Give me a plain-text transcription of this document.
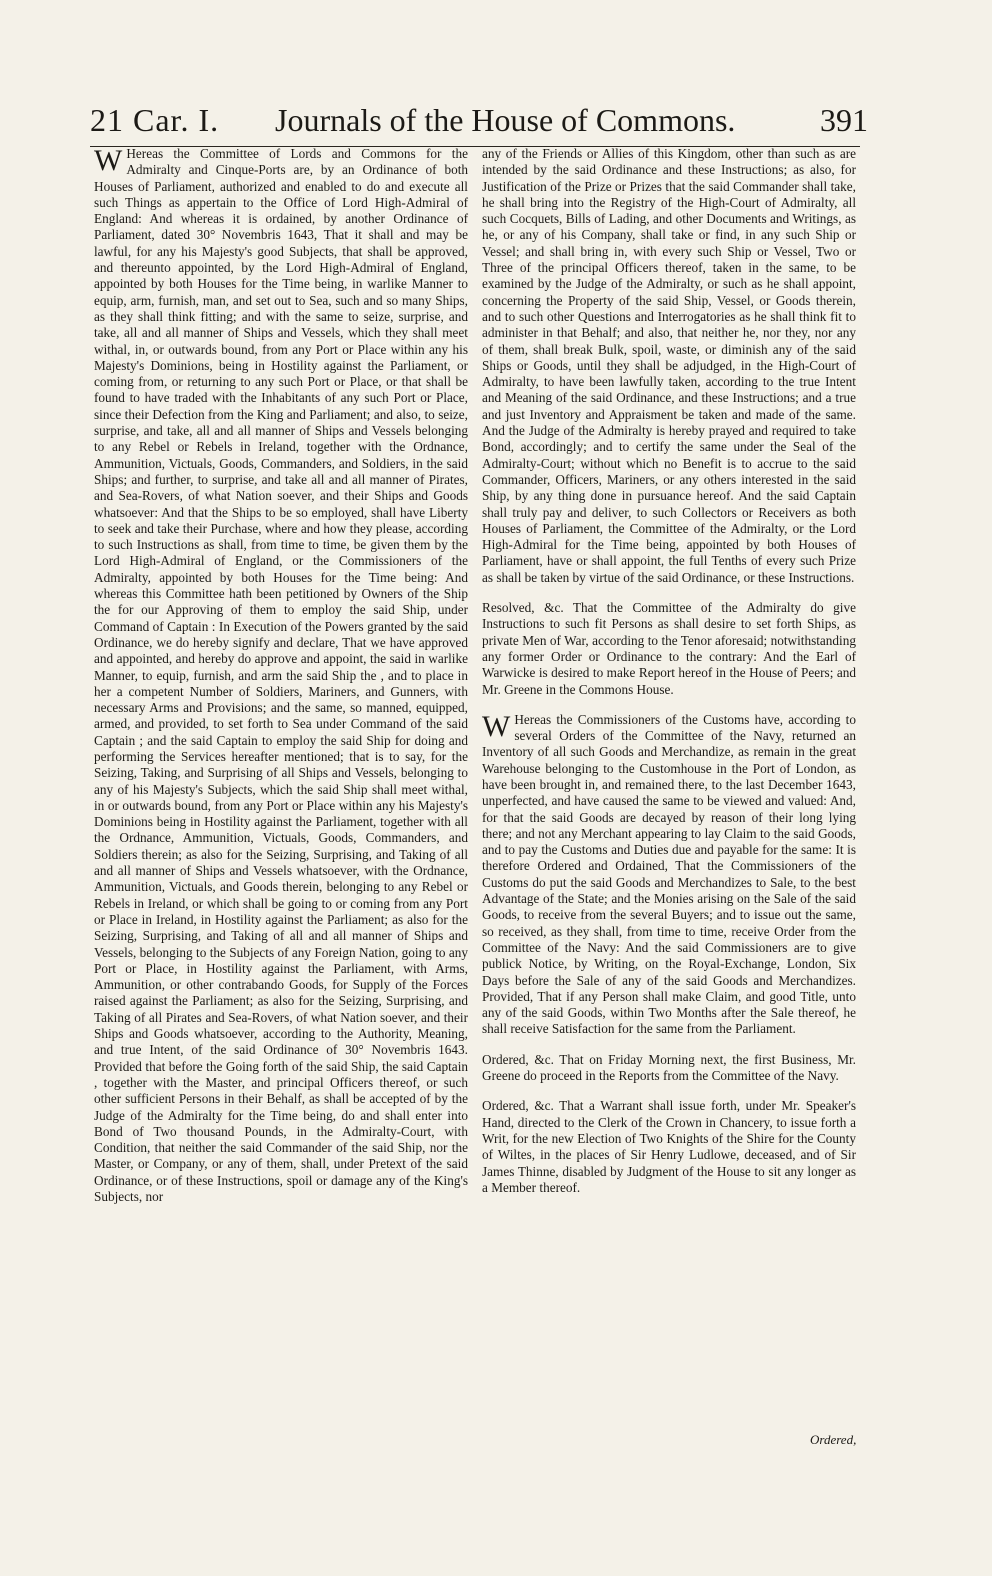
21 Car. I. Journals of the House of Commons.	391

W Hereas the Committee of Lords and Commons for the Admiralty and Cinque-Ports are, by an Ordinance of both Houses of Parliament, authorized and enabled to do and execute all such Things as appertain to the Office of Lord High-Admiral of England: And whereas it is ordained, by another Ordinance of Parliament, dated 30° Novembris 1643, That it shall and may be lawful, for any his Majesty's good Subjects, that shall be approved, and thereunto appointed, by the Lord High-Admiral of England, appointed by both Houses for the Time being, in warlike Manner to equip, arm, furnish, man, and set out to Sea, such and so many Ships, as they shall think fitting; and with the same to seize, surprise, and take, all and all manner of Ships and Vessels, which they shall meet withal, in, or outwards bound, from any Port or Place within any his Majesty's Dominions, being in Hostility against the Parliament, or coming from, or returning to any such Port or Place, or that shall be found to have traded with the Inhabitants of any such Port or Place, since their Defection from the King and Parliament; and also, to seize, surprise, and take, all and all manner of Ships and Vessels belonging to any Rebel or Rebels in Ireland, together with the Ordnance, Ammunition, Victuals, Goods, Commanders, and Soldiers, in the said Ships; and further, to surprise, and take all and all manner of Pirates, and Sea-Rovers, of what Nation soever, and their Ships and Goods whatsoever: And that the Ships to be so employed, shall have Liberty to seek and take their Purchase, where and how they please, according to such Instructions as shall, from time to time, be given them by the Lord High-Admiral of England, or the Commissioners of the Admiralty, appointed by both Houses for the Time being: And whereas this Committee hath been petitioned by Owners of the Ship the for our Approving of them to employ the said Ship, under Command of Captain : In Execution of the Powers granted by the said Ordinance, we do hereby signify and declare, That we have approved and appointed, and hereby do approve and appoint, the said in warlike Manner, to equip, furnish, and arm the said Ship the , and to place in her a competent Number of Soldiers, Mariners, and Gunners, with necessary Arms and Provisions; and the same, so manned, equipped, armed, and provided, to set forth to Sea under Command of the said Captain ; and the said Captain to employ the said Ship for doing and performing the Services hereafter mentioned; that is to say, for the Seizing, Taking, and Surprising of all Ships and Vessels, belonging to any of his Majesty's Subjects, which the said Ship shall meet withal, in or outwards bound, from any Port or Place within any his Majesty's Dominions being in Hostility against the Parliament, together with all the Ordnance, Ammunition, Victuals, Goods, Commanders, and Soldiers therein; as also for the Seizing, Surprising, and Taking of all and all manner of Ships and Vessels whatsoever, with the Ordnance, Ammunition, Victuals, and Goods therein, belonging to any Rebel or Rebels in Ireland, or which shall be going to or coming from any Port or Place in Ireland, in Hostility against the Parliament; as also for the Seizing, Surprising, and Taking of all and all manner of Ships and Vessels, belonging to the Subjects of any Foreign Nation, going to any Port or Place, in Hostility against the Parliament, with Arms, Ammunition, or other contrabando Goods, for Supply of the Forces raised against the Parliament; as also for the Seizing, Surprising, and Taking of all Pirates and Sea-Rovers, of what Nation soever, and their Ships and Goods whatsoever, according to the Authority, Meaning, and true Intent, of the said Ordinance of 30° Novembris 1643. Provided that before the Going forth of the said Ship, the said Captain , together with the Master, and principal Officers thereof, or such other sufficient Persons in their Behalf, as shall be accepted of by the Judge of the Admiralty for the Time being, do and shall enter into Bond of Two thousand Pounds, in the Admiralty-Court, with Condition, that neither the said Commander of the said Ship, nor the Master, or Company, or any of them, shall, under Pretext of the said Ordinance, or of these Instructions, spoil or damage any of the King's Subjects, nor

any of the Friends or Allies of this Kingdom, other than such as are intended by the said Ordinance and these Instructions; as also, for Justification of the Prize or Prizes that the said Commander shall take, he shall bring into the Registry of the High-Court of Admiralty, all such Cocquets, Bills of Lading, and other Documents and Writings, as he, or any of his Company, shall take or find, in any such Ship or Vessel; and shall bring in, with every such Ship or Vessel, Two or Three of the principal Officers thereof, taken in the same, to be examined by the Judge of the Admiralty, or such as he shall appoint, concerning the Property of the said Ship, Vessel, or Goods therein, and to such other Questions and Interrogatories as he shall think fit to administer in that Behalf; and also, that neither he, nor they, nor any of them, shall break Bulk, spoil, waste, or diminish any of the said Ships or Goods, until they shall be adjudged, in the High-Court of Admiralty, to have been lawfully taken, according to the true Intent and Meaning of the said Ordinance, and these Instructions; and a true and just Inventory and Appraisment be taken and made of the same. And the Judge of the Admiralty is hereby prayed and required to take Bond, accordingly; and to certify the same under the Seal of the Admiralty-Court; without which no Benefit is to accrue to the said Commander, Officers, Mariners, or any others interested in the said Ship, by any thing done in pursuance hereof. And the said Captain shall truly pay and deliver, to such Collectors or Receivers as both Houses of Parliament, the Committee of the Admiralty, or the Lord High-Admiral for the Time being, appointed by both Houses of Parliament, have or shall appoint, the full Tenths of every such Prize as shall be taken by virtue of the said Ordinance, or these Instructions.

Resolved, &c. That the Committee of the Admiralty do give Instructions to such fit Persons as shall desire to set forth Ships, as private Men of War, according to the Tenor aforesaid; notwithstanding any former Order or Ordinance to the contrary: And the Earl of Warwicke is desired to make Report hereof in the House of Peers; and Mr. Greene in the Commons House.

W Hereas the Commissioners of the Customs have, according to several Orders of the Committee of the Navy, returned an Inventory of all such Goods and Merchandize, as remain in the great Warehouse belonging to the Customhouse in the Port of London, as have been brought in, and remained there, to the last December 1643, unperfected, and have caused the same to be viewed and valued: And, for that the said Goods are decayed by reason of their long lying there; and not any Merchant appearing to lay Claim to the said Goods, and to pay the Customs and Duties due and payable for the same: It is therefore Ordered and Ordained, That the Commissioners of the Customs do put the said Goods and Merchandizes to Sale, to the best Advantage of the State; and the Monies arising on the Sale of the said Goods, to receive from the several Buyers; and to issue out the same, so received, as they shall, from time to time, receive Order from the Committee of the Navy: And the said Commissioners are to give publick Notice, by Writing, on the Royal-Exchange, London, Six Days before the Sale of any of the said Goods and Merchandizes. Provided, That if any Person shall make Claim, and good Title, unto any of the said Goods, within Two Months after the Sale thereof, he shall receive Satisfaction for the same from the Parliament.

Ordered, &c. That on Friday Morning next, the first Business, Mr. Greene do proceed in the Reports from the Committee of the Navy.

Ordered, &c. That a Warrant shall issue forth, under Mr. Speaker's Hand, directed to the Clerk of the Crown in Chancery, to issue forth a Writ, for the new Election of Two Knights of the Shire for the County of Wiltes, in the places of Sir Henry Ludlowe, deceased, and of Sir James Thinne, disabled by Judgment of the House to sit any longer as a Member thereof.

Ordered,
